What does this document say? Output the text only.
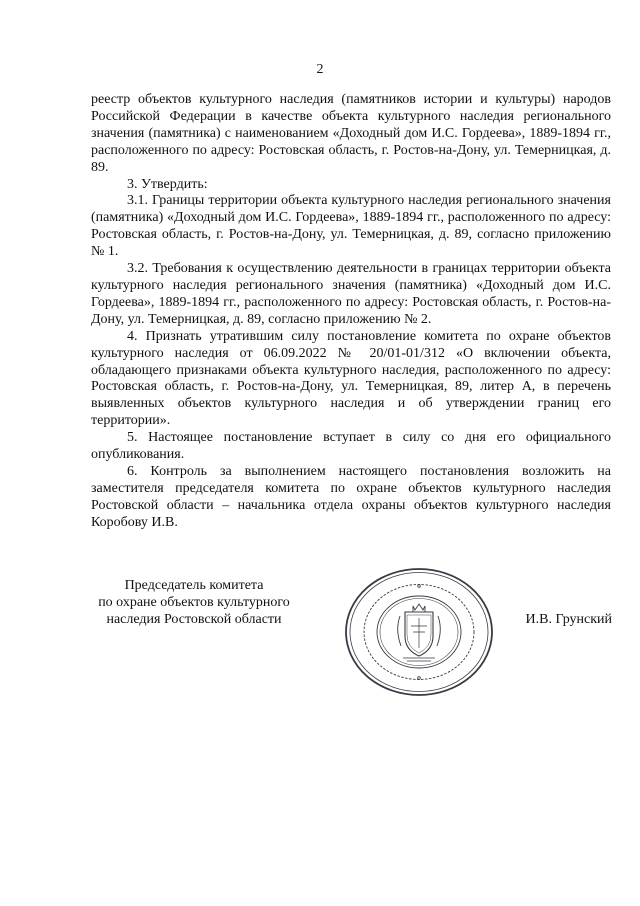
2

реестр объектов культурного наследия (памятников истории и культуры) народов Российской Федерации в качестве объекта культурного наследия регионального значения (памятника) с наименованием «Доходный дом И.С. Гордеева», 1889-1894 гг., расположенного по адресу: Ростовская область, г. Ростов-на-Дону, ул. Темерницкая, д. 89.

3. Утвердить:

3.1. Границы территории объекта культурного наследия регионального значения (памятника) «Доходный дом И.С. Гордеева», 1889-1894 гг., расположенного по адресу: Ростовская область, г. Ростов-на-Дону, ул. Темерницкая, д. 89, согласно приложению № 1.

3.2. Требования к осуществлению деятельности в границах территории объекта культурного наследия регионального значения (памятника) «Доходный дом И.С. Гордеева», 1889-1894 гг., расположенного по адресу: Ростовская область, г. Ростов-на-Дону, ул. Темерницкая, д. 89, согласно приложению № 2.

4. Признать утратившим силу постановление комитета по охране объектов культурного наследия от 06.09.2022 № 20/01-01/312 «О включении объекта, обладающего признаками объекта культурного наследия, расположенного по адресу: Ростовская область, г. Ростов-на-Дону, ул. Темерницкая, 89, литер А, в перечень выявленных объектов культурного наследия и об утверждении границ его территории».

5. Настоящее постановление вступает в силу со дня его официального опубликования.

6. Контроль за выполнением настоящего постановления возложить на заместителя председателя комитета по охране объектов культурного наследия Ростовской области – начальника отдела охраны объектов культурного наследия Коробову И.В.

Председатель комитета
по охране объектов культурного
наследия Ростовской области	И.В. Грунский
